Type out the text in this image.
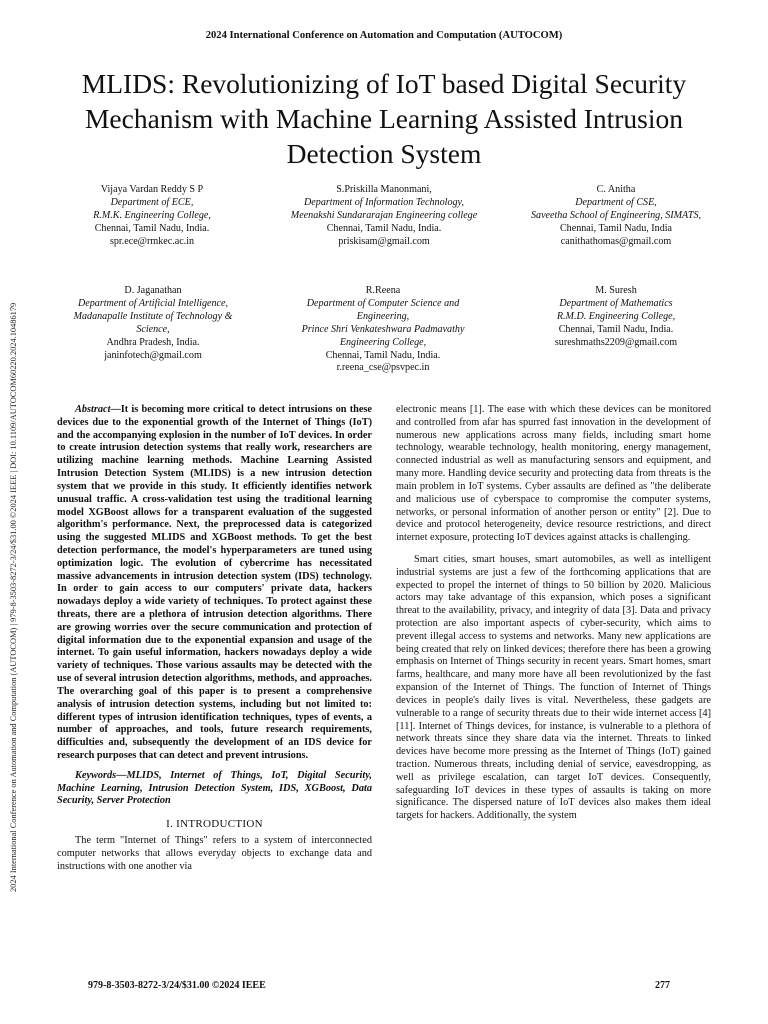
2024 International Conference on Automation and Computation (AUTOCOM)
2024 International Conference on Automation and Computation (AUTOCOM) | 979-8-3503-8272-3/24/$31.00 ©2024 IEEE | DOI: 10.1109/AUTOCOM60220.2024.10486179
MLIDS: Revolutionizing of IoT based Digital Security Mechanism with Machine Learning Assisted Intrusion Detection System
Vijaya Vardan Reddy S P
Department of ECE,
R.M.K. Engineering College,
Chennai, Tamil Nadu, India.
spr.ece@rmkec.ac.in
S.Priskilla Manonmani,
Department of Information Technology,
Meenakshi Sundararajan Engineering college
Chennai, Tamil Nadu, India.
priskisam@gmail.com
C. Anitha
Department of CSE,
Saveetha School of Engineering, SIMATS,
Chennai, Tamil Nadu, India
canithathomas@gmail.com
D. Jaganathan
Department of Artificial Intelligence,
Madanapalle Institute of Technology & Science,
Andhra Pradesh, India.
janinfotech@gmail.com
R.Reena
Department of Computer Science and Engineering,
Prince Shri Venkateshwara Padmavathy Engineering College,
Chennai, Tamil Nadu, India.
r.reena_cse@psvpec.in
M. Suresh
Department of Mathematics
R.M.D. Engineering College,
Chennai, Tamil Nadu, India.
sureshmaths2209@gmail.com

Abstract—It is becoming more critical to detect intrusions on these devices due to the exponential growth of the Internet of Things (IoT) and the accompanying explosion in the number of IoT devices. In order to create intrusion detection systems that really work, researchers are utilizing machine learning methods. Machine Learning Assisted Intrusion Detection System (MLIDS) is a new intrusion detection system that we provide in this study. It efficiently identifies network unusual traffic. A cross-validation test using the traditional learning model XGBoost allows for a transparent evaluation of the suggested algorithm's performance. Next, the preprocessed data is categorized using the suggested MLIDS and XGBoost methods. To get the best detection performance, the model's hyperparameters are tuned using optimization logic. The evolution of cybercrime has necessitated massive advancements in intrusion detection system (IDS) technology. In order to gain access to our computers' private data, hackers nowadays deploy a wide variety of techniques. To protect against these threats, there are a plethora of intrusion detection algorithms. There are growing worries over the secure communication and protection of digital information due to the exponential expansion and usage of the internet. To gain useful information, hackers nowadays deploy a wide variety of techniques. Those various assaults may be detected with the use of several intrusion detection algorithms, methods, and approaches. The overarching goal of this paper is to present a comprehensive analysis of intrusion detection systems, including but not limited to: different types of intrusion identification techniques, types of events, a number of approaches, and tools, future research requirements, difficulties and, subsequently the development of an IDS device for research purposes that can detect and prevent intrusions.

Keywords—MLIDS, Internet of Things, IoT, Digital Security, Machine Learning, Intrusion Detection System, IDS, XGBoost, Data Security, Server Protection

I. INTRODUCTION

The term "Internet of Things" refers to a system of interconnected computer networks that allows everyday objects to exchange data and instructions with one another via

electronic means [1]. The ease with which these devices can be monitored and controlled from afar has spurred fast innovation in the development of numerous new applications across many fields, including smart home technology, wearable technology, health monitoring, energy management, connected industrial as well as manufacturing sensors and equipment, and many more. Handling device security and protecting data from threats is the main problem in IoT systems. Cyber assaults are defined as "the deliberate and malicious use of cyberspace to compromise the computer systems, networks, or personal information of another person or entity" [2]. Due to device and protocol heterogeneity, device resource restrictions, and direct internet exposure, protecting IoT devices against attacks is challenging.

Smart cities, smart houses, smart automobiles, as well as intelligent industrial systems are just a few of the forthcoming applications that are expected to propel the internet of things to 50 billion by 2020. Malicious actors may take advantage of this expansion, which poses a significant threat to the availability, privacy, and integrity of data [3]. Data and privacy protection are also important aspects of cyber-security, which aims to prevent illegal access to systems and networks. Many new applications are being created that rely on linked devices; therefore there has been a growing emphasis on Internet of Things security in recent years. Smart homes, smart farms, healthcare, and many more have all been revolutionized by the fast expansion of the Internet of Things. The function of Internet of Things devices in people's daily lives is vital. Nevertheless, these gadgets are vulnerable to a range of security threats due to their wide internet access [4] [11]. Internet of Things devices, for instance, is vulnerable to a plethora of network threats since they share data via the internet. Threats to linked devices have become more pressing as the Internet of Things (IoT) gained traction. Numerous threats, including denial of service, eavesdropping, as well as privilege escalation, can target IoT devices. Consequently, safeguarding IoT devices in these types of assaults is taking on more significance. The dispersed nature of IoT devices also makes them ideal targets for hackers. Additionally, the system

979-8-3503-8272-3/24/$31.00 ©2024 IEEE	277
